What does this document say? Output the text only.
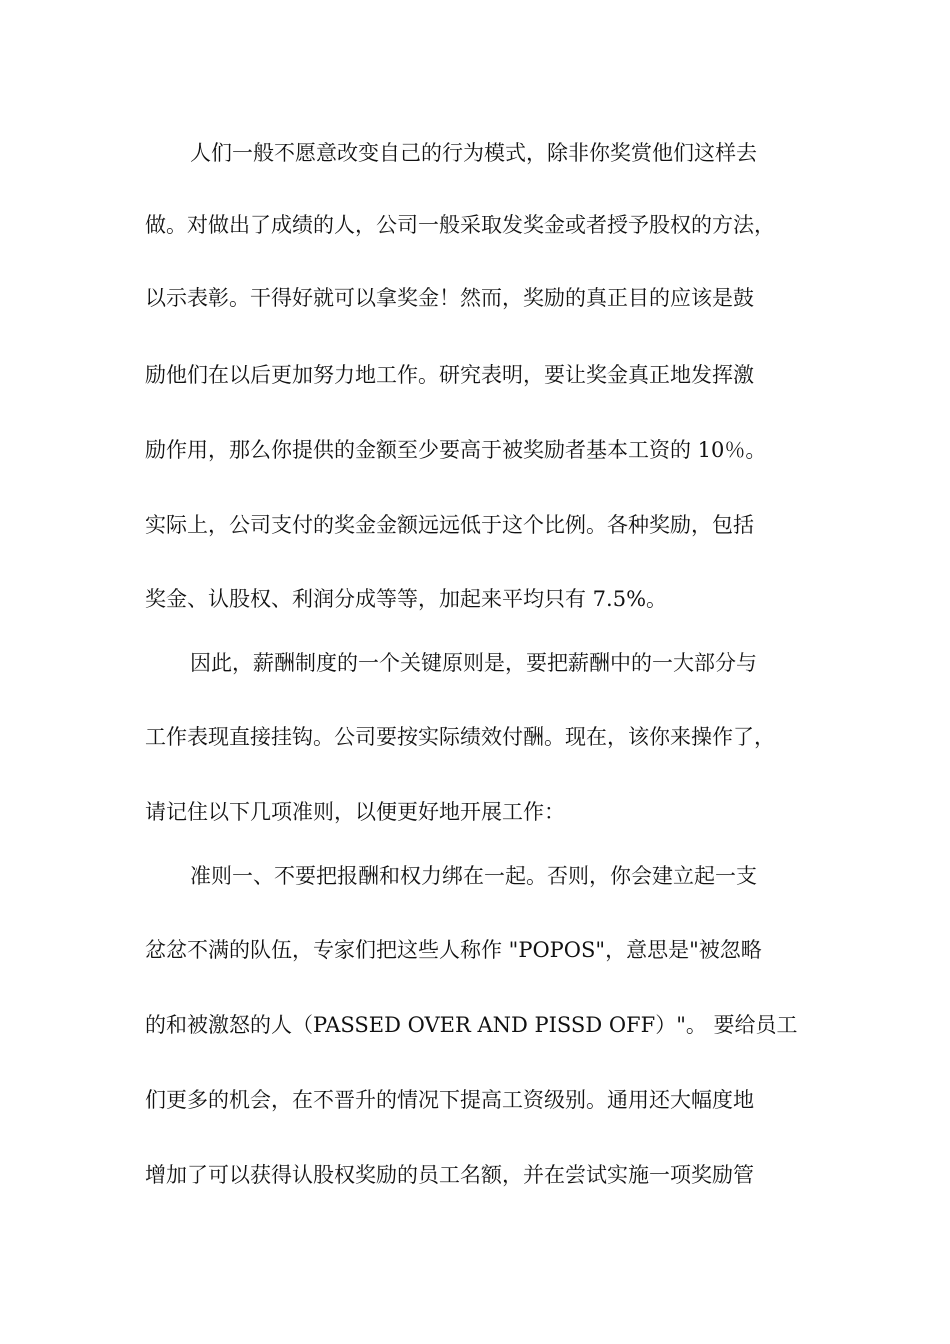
人们一般不愿意改变自己的行为模式，除非你奖赏他们这样去
做。对做出了成绩的人，公司一般采取发奖金或者授予股权的方法，
以示表彰。干得好就可以拿奖金！然而，奖励的真正目的应该是鼓
励他们在以后更加努力地工作。研究表明，要让奖金真正地发挥激
励作用，那么你提供的金额至少要高于被奖励者基本工资的 10％。
实际上，公司支付的奖金金额远远低于这个比例。各种奖励，包括
奖金、认股权、利润分成等等，加起来平均只有 7.5%。
因此，薪酬制度的一个关键原则是，要把薪酬中的一大部分与
工作表现直接挂钩。公司要按实际绩效付酬。现在，该你来操作了，
请记住以下几项准则，以便更好地开展工作：
准则一、不要把报酬和权力绑在一起。否则，你会建立起一支
忿忿不满的队伍，专家们把这些人称作 "POPOS"，意思是"被忽略
的和被激怒的人（PASSED OVER AND PISSD OFF）"。 要给员工
们更多的机会，在不晋升的情况下提高工资级别。通用还大幅度地
增加了可以获得认股权奖励的员工名额，并在尝试实施一项奖励管
